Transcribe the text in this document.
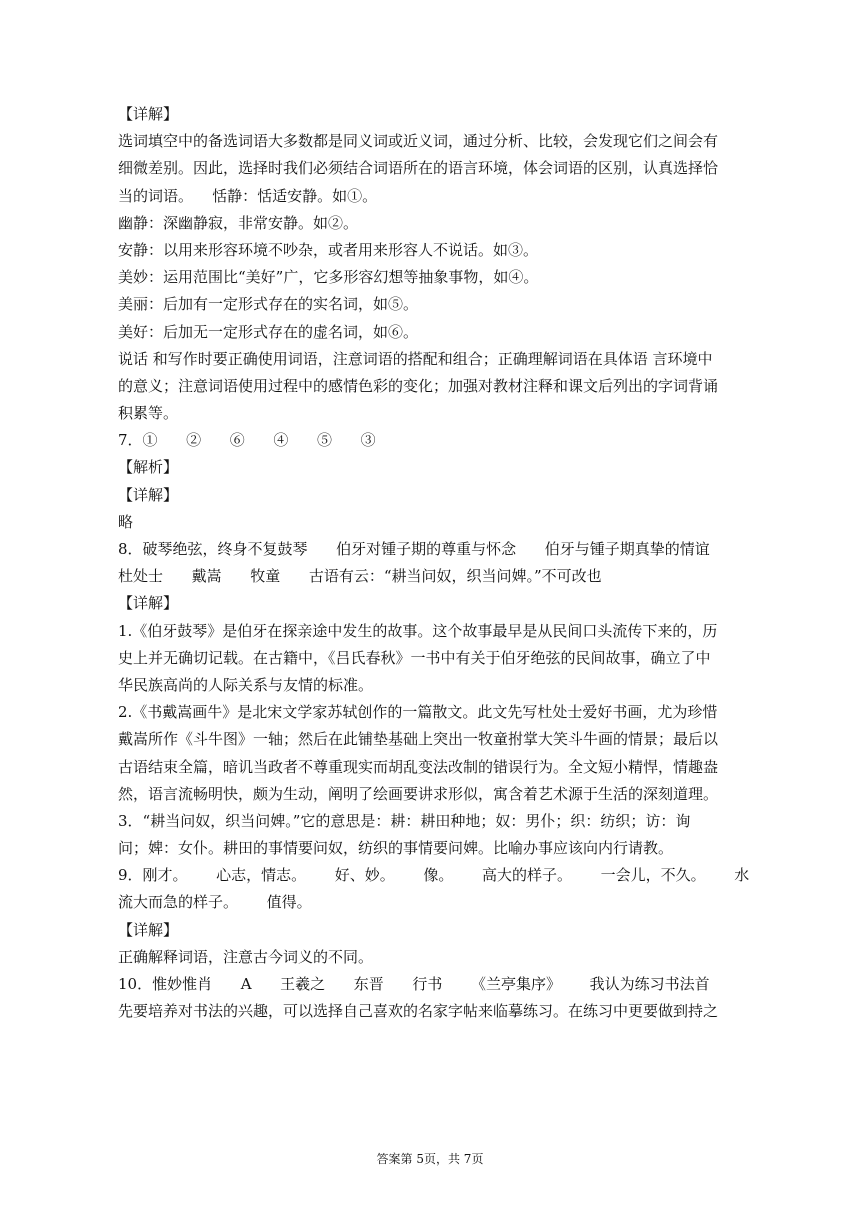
【详解】
选词填空中的备选词语大多数都是同义词或近义词，通过分析、比较，会发现它们之间会有
细微差别。因此，选择时我们必须结合词语所在的语言环境，体会词语的区别，认真选择恰
当的词语。    恬静：恬适安静。如①。
幽静：深幽静寂，非常安静。如②。
安静：以用来形容环境不吵杂，或者用来形容人不说话。如③。
美妙：运用范围比“美好”广，它多形容幻想等抽象事物，如④。
美丽：后加有一定形式存在的实名词，如⑤。
美好：后加无一定形式存在的虚名词，如⑥。
说话 和写作时要正确使用词语，注意词语的搭配和组合；正确理解词语在具体语 言环境中
的意义；注意词语使用过程中的感情色彩的变化；加强对教材注释和课文后列出的字词背诵
积累等。
7．①      ②      ⑥      ④      ⑤      ③
【解析】
【详解】
略
8．破琴绝弦，终身不复鼓琴      伯牙对锺子期的尊重与怀念      伯牙与锺子期真挚的情谊
杜处士      戴嵩      牧童      古语有云：“耕当问奴，织当问婢。”不可改也
【详解】
1.《伯牙鼓琴》是伯牙在探亲途中发生的故事。这个故事最早是从民间口头流传下来的，历
史上并无确切记载。在古籍中，《吕氏春秋》一书中有关于伯牙绝弦的民间故事，确立了中
华民族高尚的人际关系与友情的标准。
2.《书戴嵩画牛》是北宋文学家苏轼创作的一篇散文。此文先写杜处士爱好书画，尤为珍惜
戴嵩所作《斗牛图》一轴；然后在此铺垫基础上突出一牧童拊掌大笑斗牛画的情景；最后以
古语结束全篇，暗讥当政者不尊重现实而胡乱变法改制的错误行为。全文短小精悍，情趣盎
然，语言流畅明快，颇为生动，阐明了绘画要讲求形似，寓含着艺术源于生活的深刻道理。
3．“耕当问奴，织当问婢。”它的意思是：耕：耕田种地；奴：男仆；织：纺织；访：询
问；婢：女仆。耕田的事情要问奴，纺织的事情要问婢。比喻办事应该向内行请教。
9．刚才。      心志，情志。      好、妙。      像。      高大的样子。      一会儿，不久。      水
流大而急的样子。      值得。
【详解】
正确解释词语，注意古今词义的不同。
10．惟妙惟肖      A      王羲之      东晋      行书      《兰亭集序》      我认为练习书法首
先要培养对书法的兴趣，可以选择自己喜欢的名家字帖来临摹练习。在练习中更要做到持之
答案第 5页，共 7页
